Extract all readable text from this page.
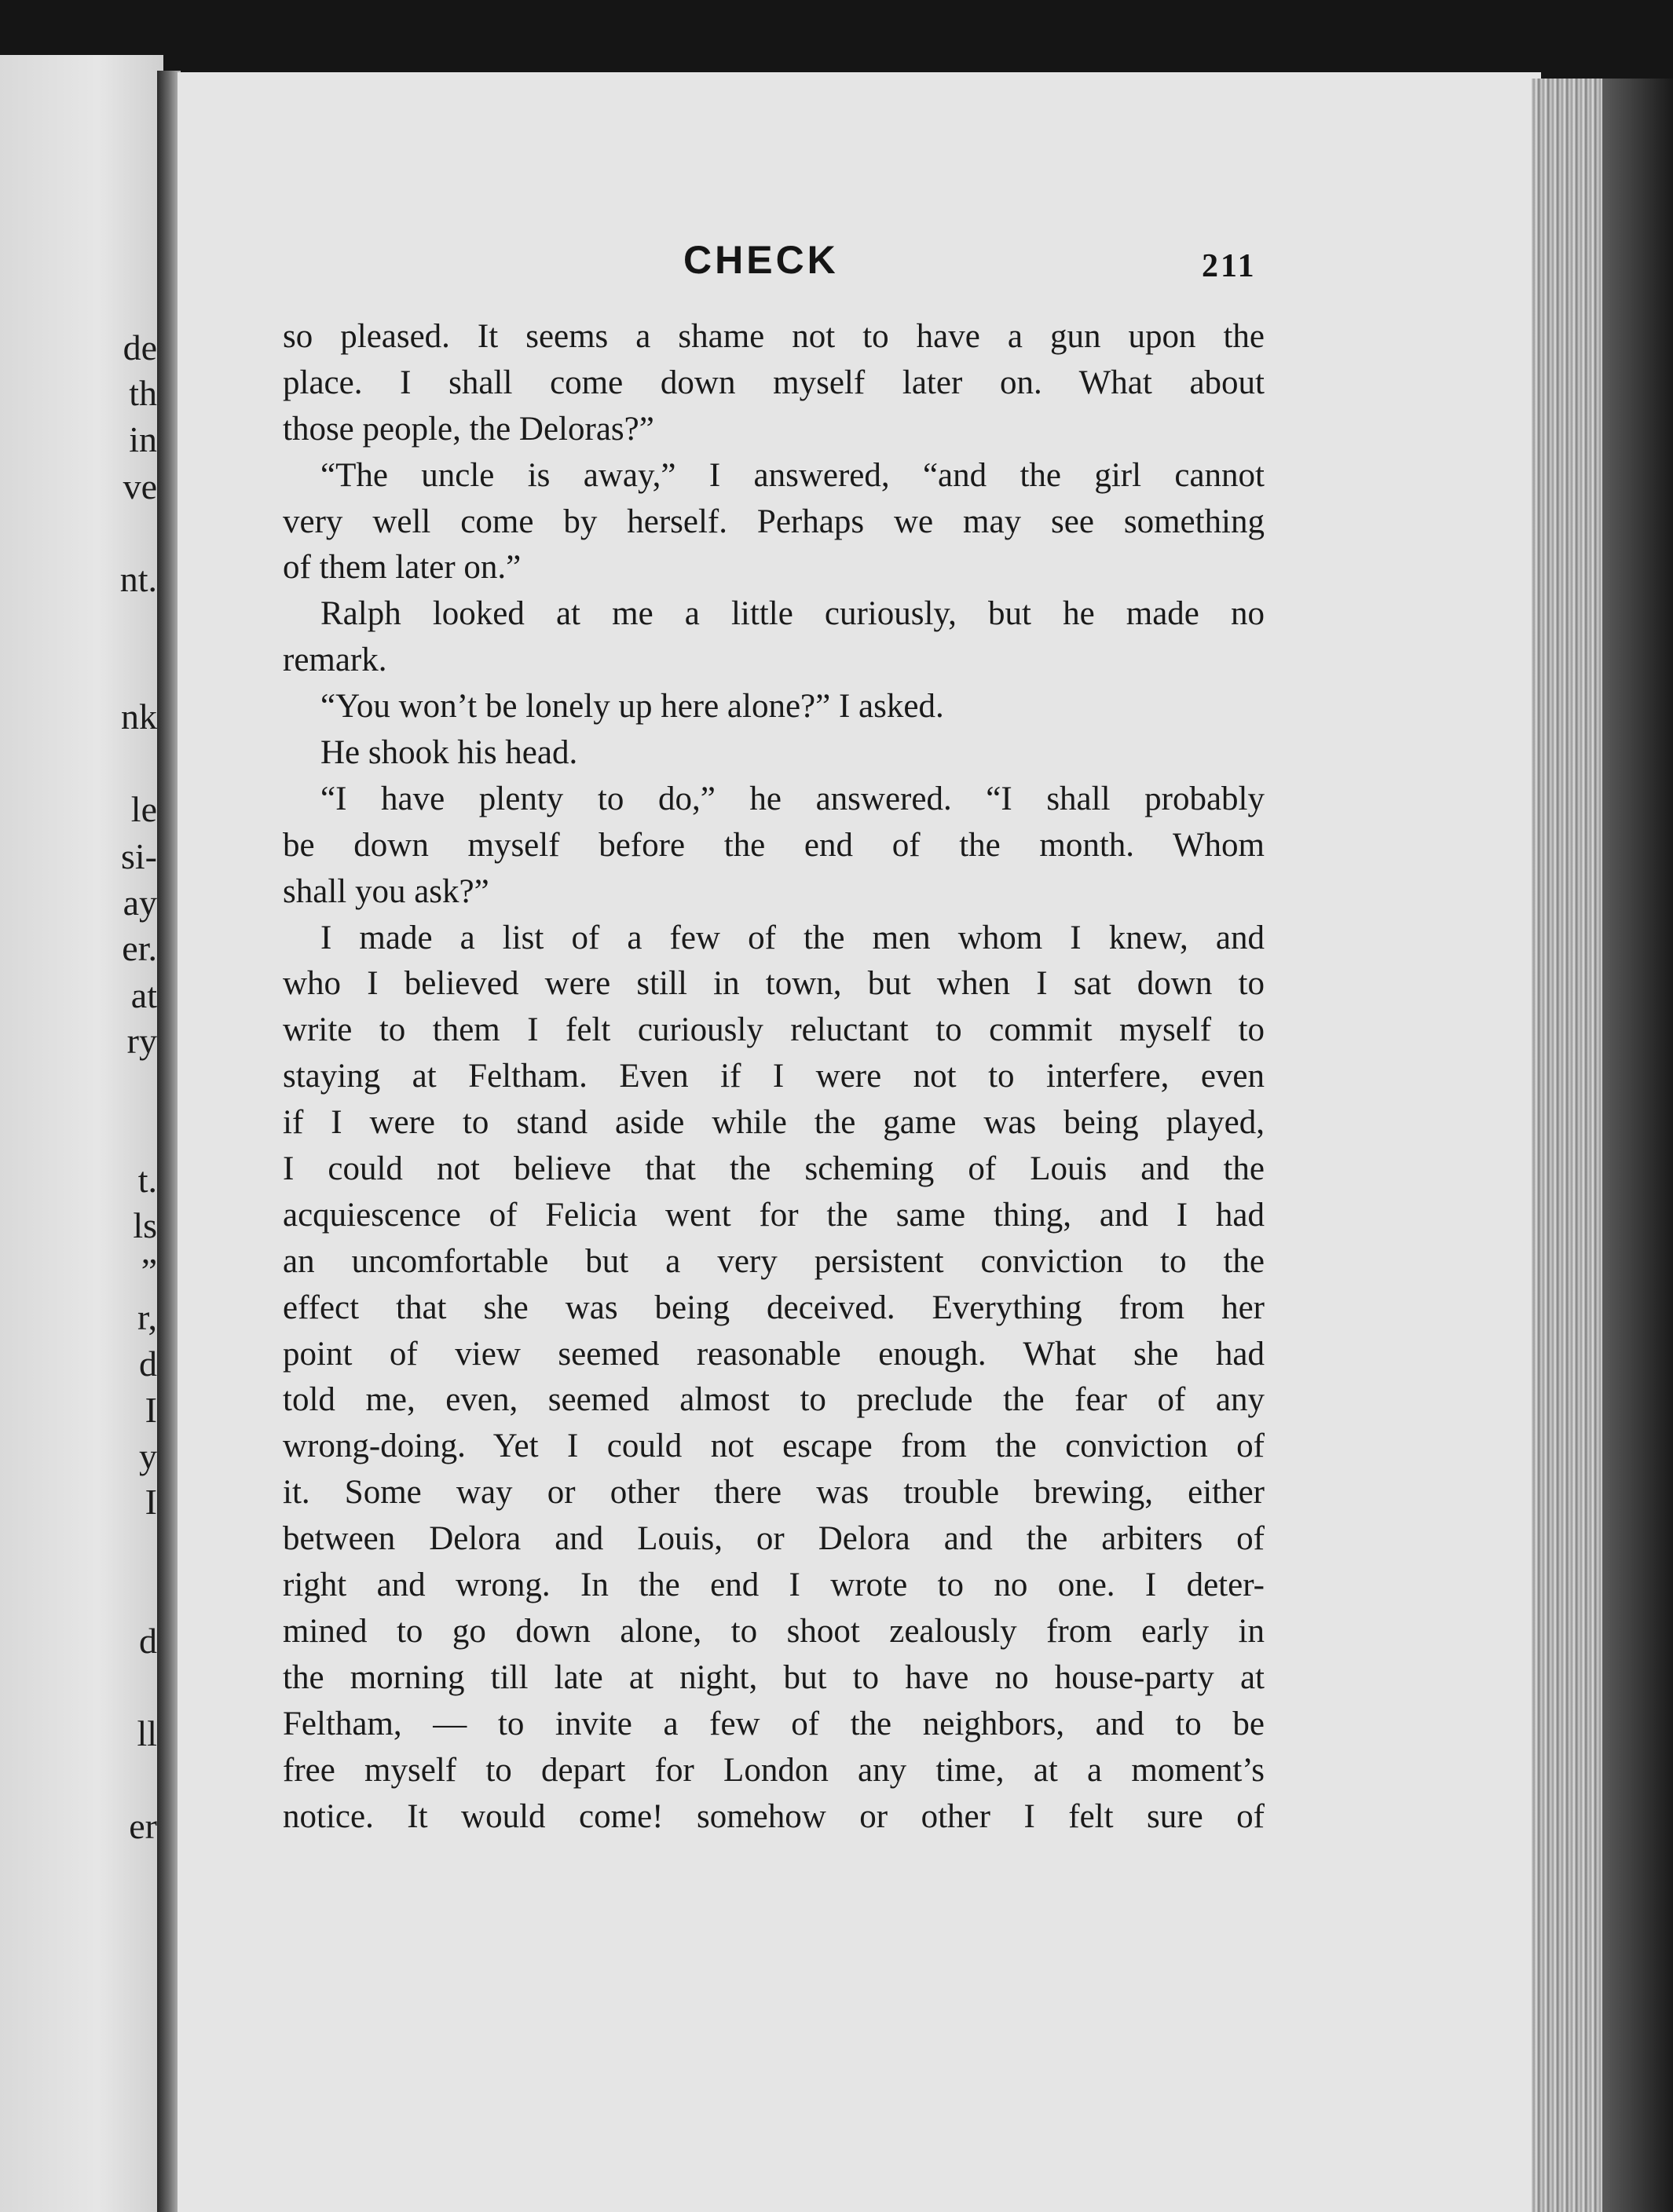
de
th
in
ve
nt.
nk
le
si-
ay
er.
at
ry
t.
ls
”
r,
d
I
y
I
d
ll
er
CHECK	211
so pleased. It seems a shame not to have a gun upon the
place. I shall come down myself later on. What about
those people, the Deloras?”
“The uncle is away,” I answered, “and the girl cannot
very well come by herself. Perhaps we may see something
of them later on.”
Ralph looked at me a little curiously, but he made no
remark.
“You won’t be lonely up here alone?” I asked.
He shook his head.
“I have plenty to do,” he answered. “I shall probably
be down myself before the end of the month. Whom
shall you ask?”
I made a list of a few of the men whom I knew, and
who I believed were still in town, but when I sat down to
write to them I felt curiously reluctant to commit myself to
staying at Feltham. Even if I were not to interfere, even
if I were to stand aside while the game was being played,
I could not believe that the scheming of Louis and the
acquiescence of Felicia went for the same thing, and I had
an uncomfortable but a very persistent conviction to the
effect that she was being deceived. Everything from her
point of view seemed reasonable enough. What she had
told me, even, seemed almost to preclude the fear of any
wrong-doing. Yet I could not escape from the conviction of
it. Some way or other there was trouble brewing, either
between Delora and Louis, or Delora and the arbiters of
right and wrong. In the end I wrote to no one. I deter-
mined to go down alone, to shoot zealously from early in
the morning till late at night, but to have no house-party at
Feltham, — to invite a few of the neighbors, and to be
free myself to depart for London any time, at a moment’s
notice. It would come! somehow or other I felt sure of
